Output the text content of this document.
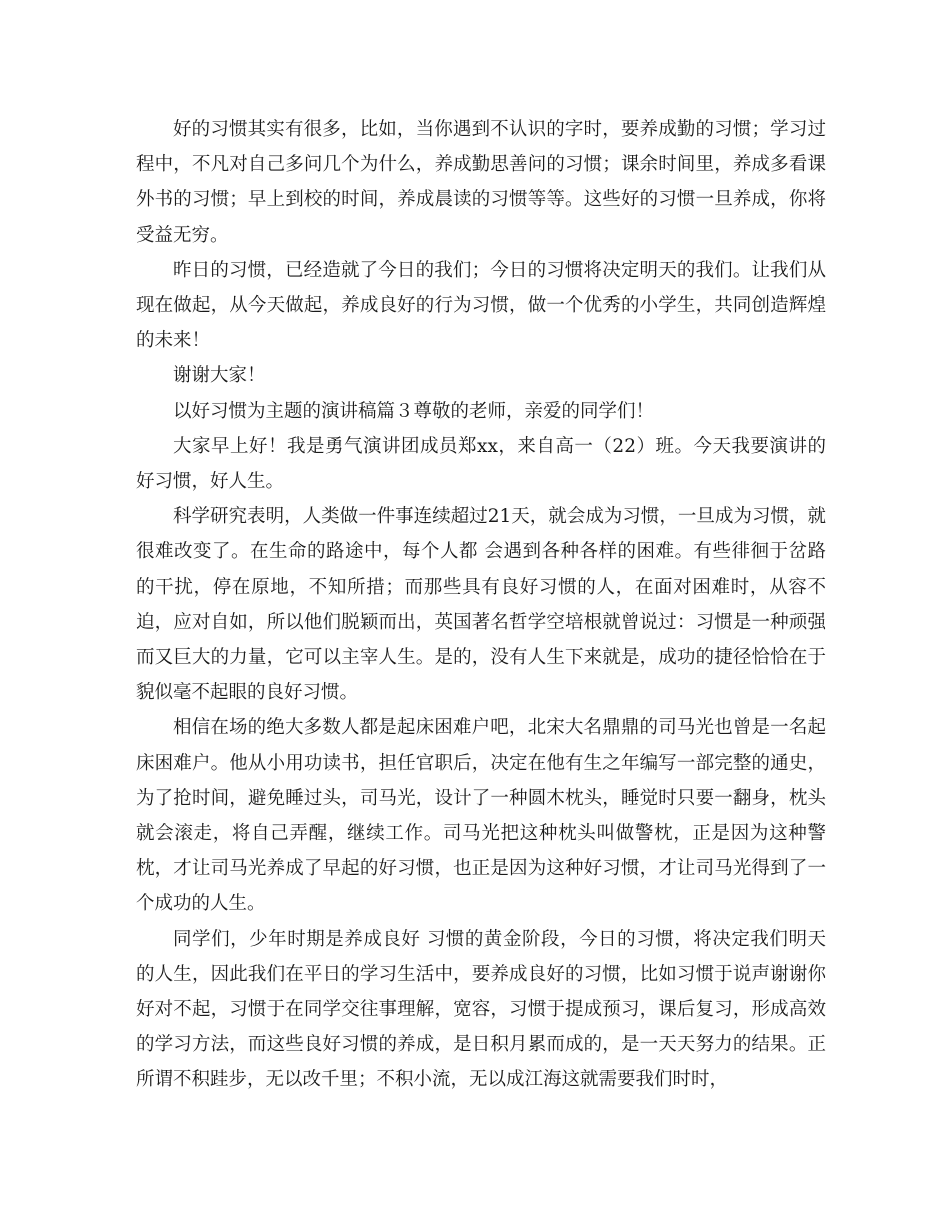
好的习惯其实有很多，比如，当你遇到不认识的字时，要养成勤的习惯；学习过程中，不凡对自己多问几个为什么，养成勤思善问的习惯；课余时间里，养成多看课外书的习惯；早上到校的时间，养成晨读的习惯等等。这些好的习惯一旦养成，你将受益无穷。

昨日的习惯，已经造就了今日的我们；今日的习惯将决定明天的我们。让我们从现在做起，从今天做起，养成良好的行为习惯，做一个优秀的小学生，共同创造辉煌的未来！

谢谢大家！

以好习惯为主题的演讲稿篇３尊敬的老师，亲爱的同学们！

大家早上好！我是勇气演讲团成员郑xx，来自高一（22）班。今天我要演讲的好习惯，好人生。

科学研究表明，人类做一件事连续超过21天，就会成为习惯，一旦成为习惯，就很难改变了。在生命的路途中，每个人都 会遇到各种各样的困难。有些徘徊于岔路的干扰，停在原地，不知所措；而那些具有良好习惯的人，在面对困难时，从容不迫，应对自如，所以他们脱颖而出，英国著名哲学空培根就曾说过：习惯是一种顽强而又巨大的力量，它可以主宰人生。是的，没有人生下来就是，成功的捷径恰恰在于貌似毫不起眼的良好习惯。

相信在场的绝大多数人都是起床困难户吧，北宋大名鼎鼎的司马光也曾是一名起床困难户。他从小用功读书，担任官职后，决定在他有生之年编写一部完整的通史，为了抢时间，避免睡过头，司马光，设计了一种圆木枕头，睡觉时只要一翻身，枕头就会滚走，将自己弄醒，继续工作。司马光把这种枕头叫做警枕，正是因为这种警枕，才让司马光养成了早起的好习惯，也正是因为这种好习惯，才让司马光得到了一个成功的人生。

同学们，少年时期是养成良好 习惯的黄金阶段，今日的习惯，将决定我们明天的人生，因此我们在平日的学习生活中，要养成良好的习惯，比如习惯于说声谢谢你好对不起，习惯于在同学交往事理解，宽容，习惯于提成预习，课后复习，形成高效的学习方法，而这些良好习惯的养成，是日积月累而成的，是一天天努力的结果。正所谓不积跬步，无以改千里；不积小流，无以成江海这就需要我们时时，
